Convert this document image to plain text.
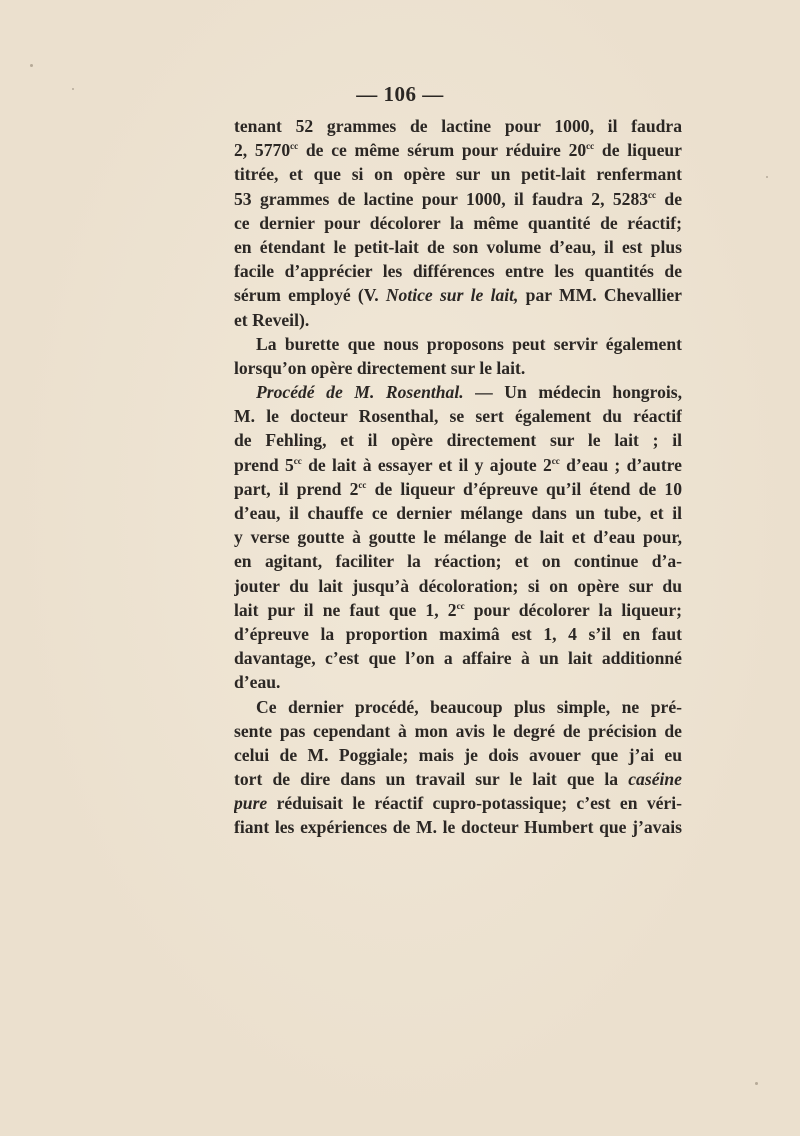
— 106 —
tenant 52 grammes de lactine pour 1000, il faudra
2, $5770^{cc}$ de ce même sérum pour réduire $20^{cc}$ de liqueur
titrée, et que si on opère sur un petit-lait renfermant
53 grammes de lactine pour 1000, il faudra 2, $5283^{cc}$ de
ce dernier pour décolorer la même quantité de réactif;
en étendant le petit-lait de son volume d’eau, il est plus
facile d’apprécier les différences entre les quantités de
sérum employé (V. Notice sur le lait, par MM. Chevallier
et Reveil).
La burette que nous proposons peut servir également
lorsqu’on opère directement sur le lait.
Procédé de M. Rosenthal. — Un médecin hongrois,
M. le docteur Rosenthal, se sert également du réactif
de Fehling, et il opère directement sur le lait ; il
prend $5^{cc}$ de lait à essayer et il y ajoute $2^{cc}$ d’eau ; d’autre
part, il prend $2^{cc}$ de liqueur d’épreuve qu’il étend de 10
d’eau, il chauffe ce dernier mélange dans un tube, et il
y verse goutte à goutte le mélange de lait et d’eau pour,
en agitant, faciliter la réaction; et on continue d’a-
jouter du lait jusqu’à décoloration; si on opère sur du
lait pur il ne faut que 1, $2^{cc}$ pour décolorer la liqueur;
d’épreuve la proportion maximâ est 1, 4 s’il en faut
davantage, c’est que l’on a affaire à un lait additionné
d’eau.
Ce dernier procédé, beaucoup plus simple, ne pré-
sente pas cependant à mon avis le degré de précision de
celui de M. Poggiale; mais je dois avouer que j’ai eu
tort de dire dans un travail sur le lait que la caséine
pure réduisait le réactif cupro-potassique; c’est en véri-
fiant les expériences de M. le docteur Humbert que j’avais
